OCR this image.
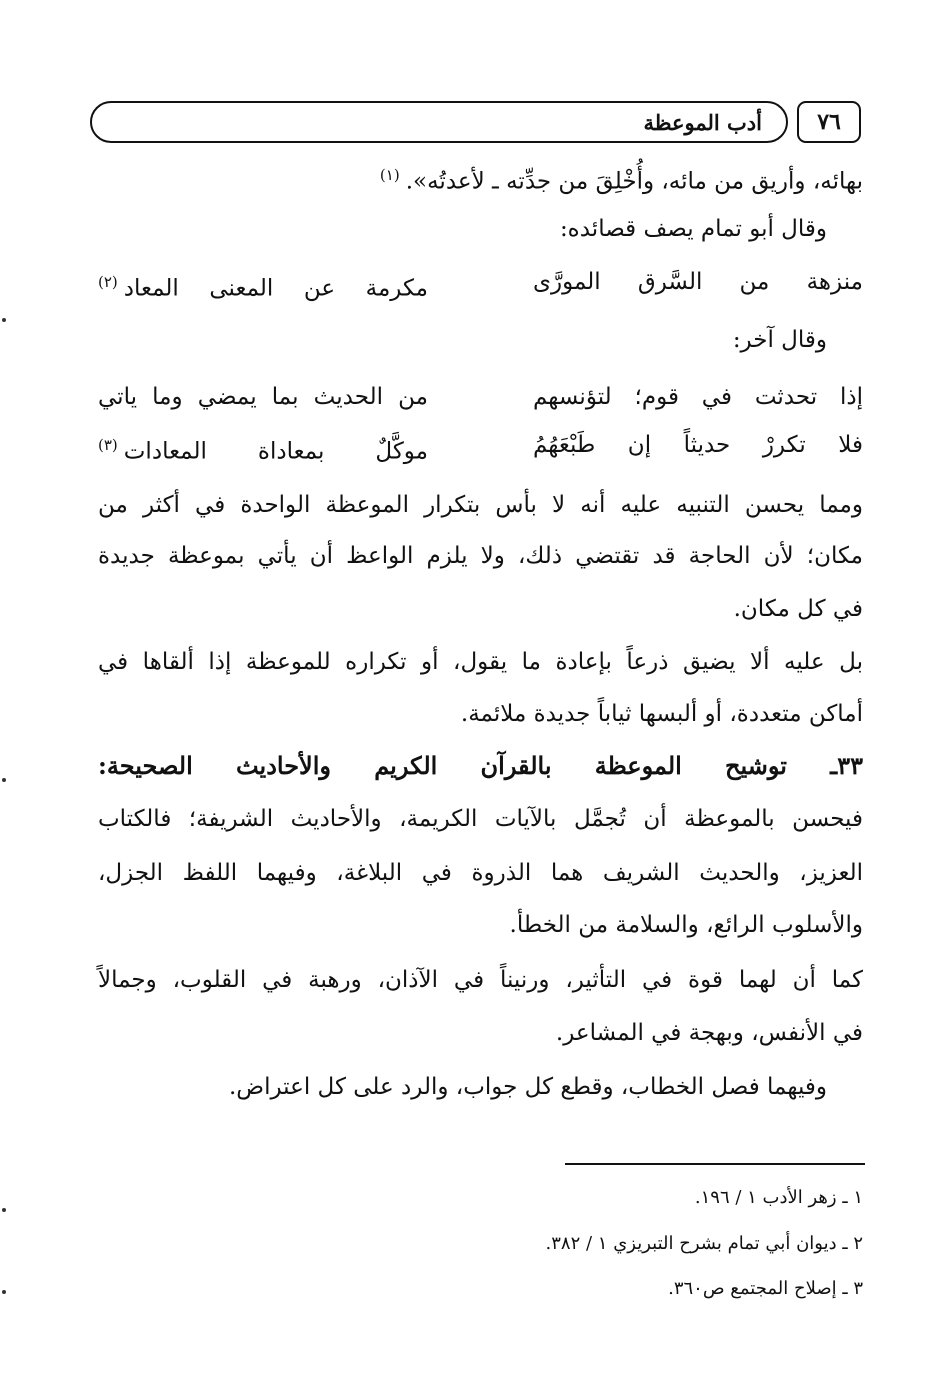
٧٦
أدب الموعظة
بهائه، وأريق من مائه، وأُخْلِقَ من جدِّته ـ لأعدتُه».$^{(١)}$
وقال أبو تمام يصف قصائده:
منزهة من السَّرق المورَّى
مكرمة عن المعنى المعاد$^{(٢)}$
وقال آخر:
إذا تحدثت في قوم؛ لتؤنسهم
من الحديث بما يمضي وما ياتي
فلا تكررْ حديثاً إن طَبْعَهُمُ
موكَّلٌ بمعاداة المعادات$^{(٣)}$
ومما يحسن التنبيه عليه أنه لا بأس بتكرار الموعظة الواحدة في أكثر من
مكان؛ لأن الحاجة قد تقتضي ذلك، ولا يلزم الواعظ أن يأتي بموعظة جديدة
في كل مكان.
بل عليه ألا يضيق ذرعاً بإعادة ما يقول، أو تكراره للموعظة إذا ألقاها في
أماكن متعددة، أو ألبسها ثياباً جديدة ملائمة.
٣٣ـ توشيح الموعظة بالقرآن الكريم والأحاديث الصحيحة:
فيحسن بالموعظة أن تُجمَّل بالآيات الكريمة، والأحاديث الشريفة؛ فالكتاب
العزيز، والحديث الشريف هما الذروة في البلاغة، وفيهما اللفظ الجزل،
والأسلوب الرائع، والسلامة من الخطأ.
كما أن لهما قوة في التأثير، ورنيناً في الآذان، ورهبة في القلوب، وجمالاً
في الأنفس، وبهجة في المشاعر.
وفيهما فصل الخطاب، وقطع كل جواب، والرد على كل اعتراض.
١ ـ زهر الأدب ١ / ١٩٦.
٢ ـ ديوان أبي تمام بشرح التبريزي ١ / ٣٨٢.
٣ ـ إصلاح المجتمع ص٣٦٠.
